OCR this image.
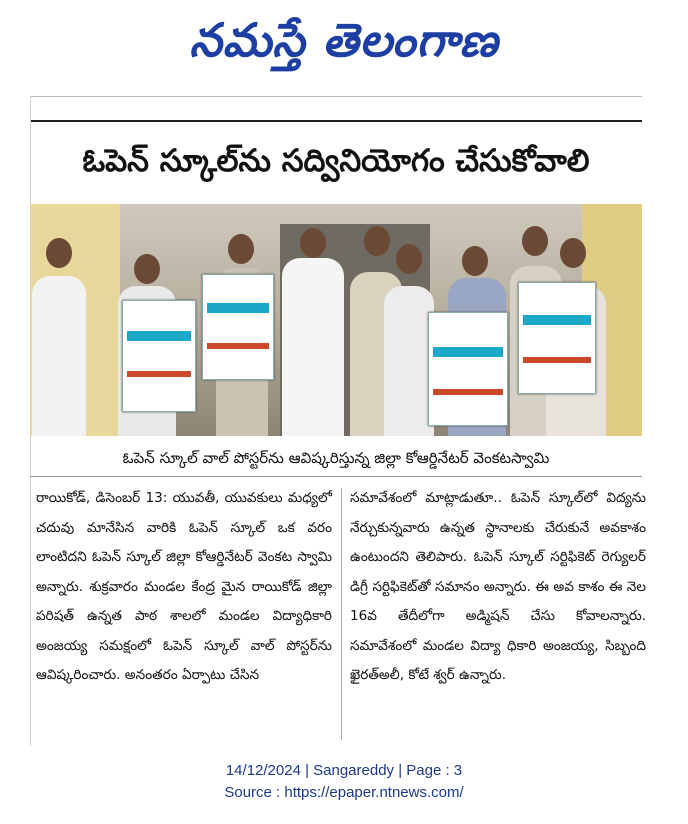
నమస్తే తెలంగాణ
ఓపెన్ స్కూల్‌ను సద్వినియోగం చేసుకోవాలి
ఓపెన్ స్కూల్ వాల్ పోస్టర్‌ను ఆవిష్కరిస్తున్న జిల్లా కోఆర్డినేటర్ వెంకటస్వామి
రాయికోడ్, డిసెంబర్ 13: యువతీ, యువకులు మధ్యలో చదువు మానేసిన వారికి ఓపెన్ స్కూల్ ఒక వరం లాంటిదని ఓపెన్ స్కూల్ జిల్లా కోఆర్డినేటర్ వెంకట స్వామి అన్నారు. శుక్రవారం మండల కేంద్ర మైన రాయికోడ్ జిల్లా పరిషత్ ఉన్నత పాఠ శాలలో మండల విద్యాధికారి అంజయ్య సమక్షంలో ఓపెన్ స్కూల్ వాల్ పోస్టర్‌ను ఆవిష్కరించారు. అనంతరం ఏర్పాటు చేసిన
సమావేశంలో మాట్లాడుతూ.. ఓపెన్ స్కూల్‌లో విద్యను నేర్చుకున్నవారు ఉన్నత స్థానాలకు చేరుకునే అవకాశం ఉంటుందని తెలిపారు. ఓపెన్ స్కూల్ సర్టిఫికెట్ రెగ్యులర్ డిగ్రీ సర్టిఫికెట్‌తో సమానం అన్నారు. ఈ అవ కాశం ఈ నెల 16వ తేదీలోగా అడ్మిషన్ చేసు కోవాలన్నారు. సమావేశంలో మండల విద్యా ధికారి అంజయ్య, సిబ్బంది ఖైరత్‌అలీ, కోటే శ్వర్ ఉన్నారు.
14/12/2024 | Sangareddy | Page : 3
Source : https://epaper.ntnews.com/
